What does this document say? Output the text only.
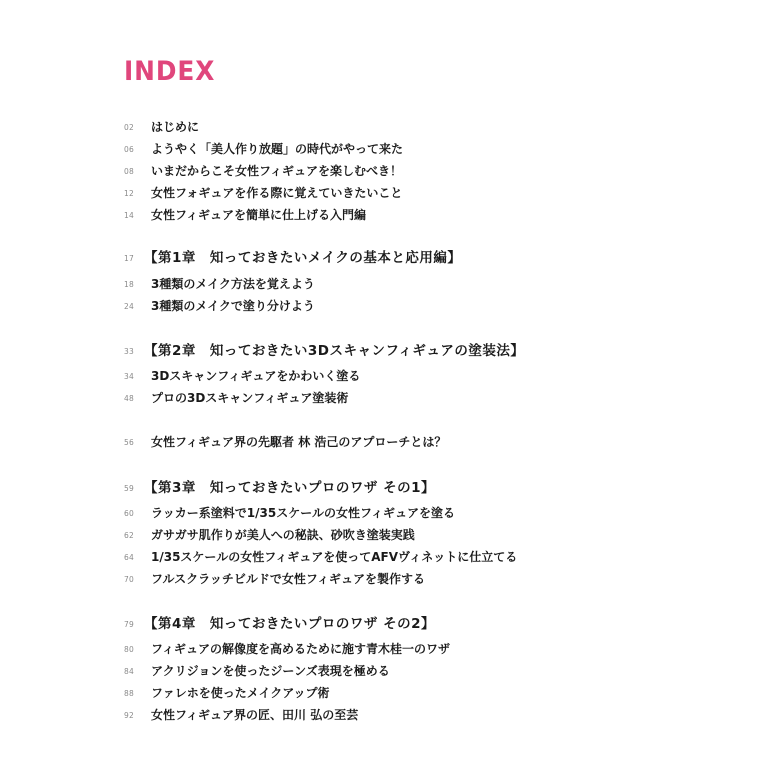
INDEX
02 はじめに
06 ようやく「美人作り放題」の時代がやって来た
08 いまだからこそ女性フィギュアを楽しむべき！
12 女性フォギュアを作る際に覚えていきたいこと
14 女性フィギュアを簡単に仕上げる入門編
17 【第1章　知っておきたいメイクの基本と応用編】
18 3種類のメイク方法を覚えよう
24 3種類のメイクで塗り分けよう
33 【第2章　知っておきたい3Dスキャンフィギュアの塗装法】
34 3Dスキャンフィギュアをかわいく塗る
48 プロの3Dスキャンフィギュア塗装術
56 女性フィギュア界の先駆者 林 浩己のアプローチとは？
59 【第3章　知っておきたいプロのワザ その1】
60 ラッカー系塗料で1/35スケールの女性フィギュアを塗る
62 ガサガサ肌作りが美人への秘訣、砂吹き塗装実践
64 1/35スケールの女性フィギュアを使ってAFVヴィネットに仕立てる
70 フルスクラッチビルドで女性フィギュアを製作する
79 【第4章　知っておきたいプロのワザ その2】
80 フィギュアの解像度を高めるために施す青木桂一のワザ
84 アクリジョンを使ったジーンズ表現を極める
88 ファレホを使ったメイクアップ術
92 女性フィギュア界の匠、田川 弘の至芸
